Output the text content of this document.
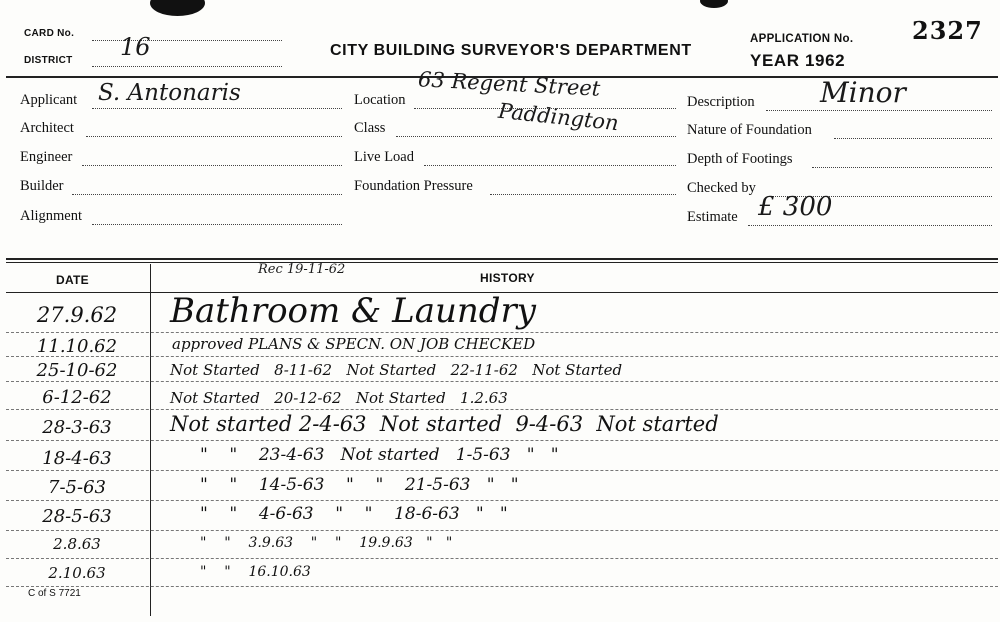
CARD No.
DISTRICT 16	CITY BUILDING SURVEYOR'S DEPARTMENT
APPLICATION No. 2327
YEAR 1962
Applicant S. Antonaris
Architect
Engineer
Builder
Alignment
Location 63 Regent Street
Paddington
Class
Live Load
Foundation Pressure
Description Minor
Nature of Foundation
Depth of Footings
Checked by
Estimate £ 300
DATE	HISTORY
Rec 19-11-62
27.9.62	Bathroom & Laundry
11.10.62	approved PLANS & SPECN. ON JOB CHECKED
25-10-62	Not Started   8-11-62   Not Started   22-11-62   Not Started
6-12-62	Not Started   20-12-62   Not Started   1.2.63
28-3-63	Not started 2-4-63  Not started  9-4-63  Not started
18-4-63	"    "    23-4-63   Not started   1-5-63   "   "
7-5-63	"    "    14-5-63    "    "    21-5-63   "   "
28-5-63	"    "    4-6-63    "    "    18-6-63   "   "
2.8.63	"    "    3.9.63    "    "    19.9.63   "   "
2.10.63	"    "    16.10.63
C of S 7721
